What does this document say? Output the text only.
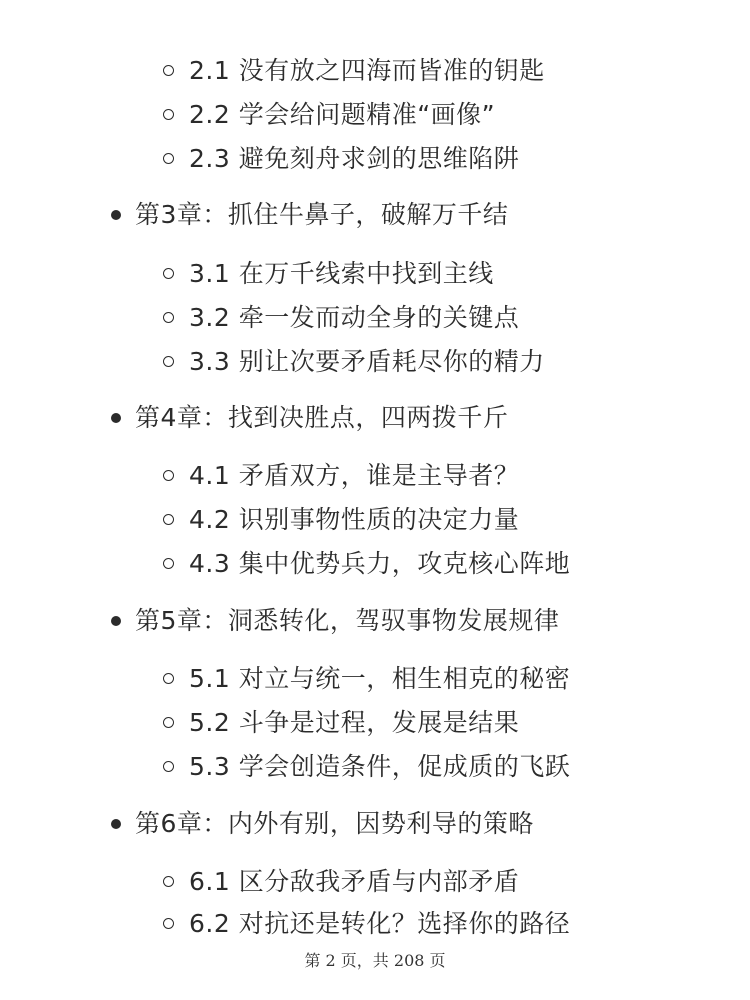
2.1 没有放之四海而皆准的钥匙
2.2 学会给问题精准“画像”
2.3 避免刻舟求剑的思维陷阱
第3章：抓住牛鼻子，破解万千结
3.1 在万千线索中找到主线
3.2 牵一发而动全身的关键点
3.3 别让次要矛盾耗尽你的精力
第4章：找到决胜点，四两拨千斤
4.1 矛盾双方，谁是主导者？
4.2 识别事物性质的决定力量
4.3 集中优势兵力，攻克核心阵地
第5章：洞悉转化，驾驭事物发展规律
5.1 对立与统一，相生相克的秘密
5.2 斗争是过程，发展是结果
5.3 学会创造条件，促成质的飞跃
第6章：内外有别，因势利导的策略
6.1 区分敌我矛盾与内部矛盾
6.2 对抗还是转化？选择你的路径
第 2 页，共 208 页
